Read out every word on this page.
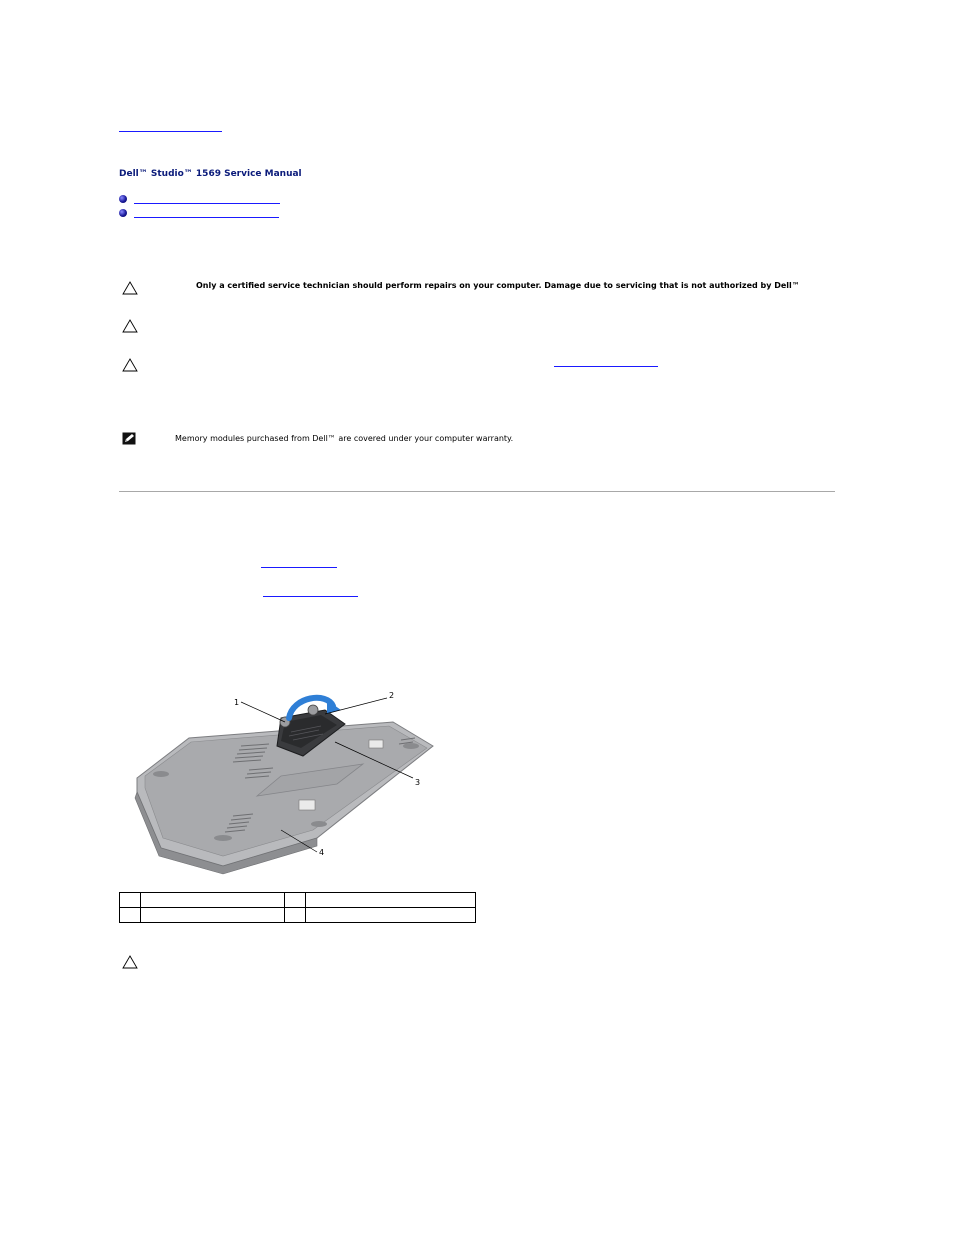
Dell™ Studio™ 1569 Service Manual
Only a certified service technician should perform repairs on your computer. Damage due to servicing that is not authorized by Dell™
Memory modules purchased from Dell™ are covered under your computer warranty.
1
2
3
4
